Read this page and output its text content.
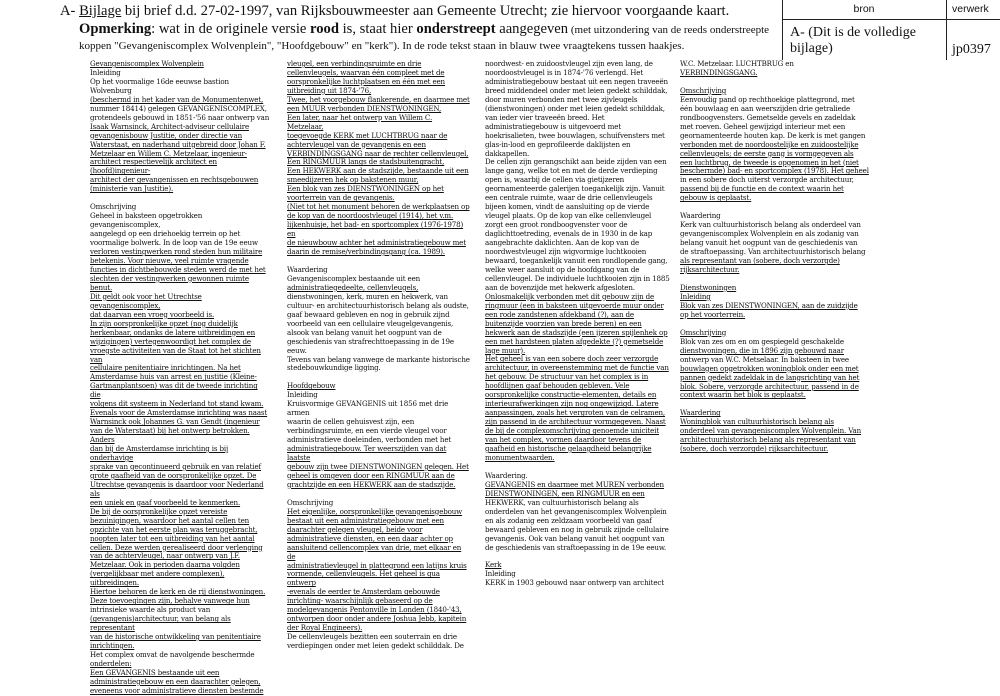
A- Bijlage bij brief d.d. 27-02-1997, van Rijksbouwmeester aan Gemeente Utrecht; zie hiervoor voorgaande kaart.
Opmerking: wat in de originele versie rood is, staat hier onderstreept aangegeven (met uitzondering van de reeds onderstreepte
koppen "Gevangeniscomplex Wolvenplein", "Hoofdgebouw" en "kerk"). In de rode tekst staan in blauw twee vraagtekens tussen haakjes.
bron	verwerk
A- (Dit is de volledige bijlage)	jp0397

Gevangeniscomplex Wolvenplein

Inleiding

Op het voormalige 16de eeuwse bastion Wolvenburg

(beschermd in het kader van de Monumentenwet,

nummer 18414) gelegen GEVANGENISCOMPLEX,

grotendeels gebouwd in 1851-'56 naar ontwerp van

Isaak Warnsinck, Architect-adviseur cellulaire

gevangenisbouw Justitie, onder directie van

Waterstaat, en naderhand uitgebreid door Johan F.

Metzelaar en Willem C. Metzelaar, ingenieur-

architect respectievelijk architect en (hoofd)ingenieur-

architect der gevangenissen en rechtsgebouwen

(ministerie van Justitie).

Omschrijving

Geheel in baksteen opgetrokken gevangeniscomplex,

aangelegd op een driehoekig terrein op het

voormalige bolwerk. In de loop van de 19e eeuw

verloren vestingwerken rond steden hun militaire

betekenis. Voor nieuwe, veel ruimte vragende

functies in dichtbebouwde steden werd de met het

slechten der vestingwerken gewonnen ruimte benut.

Dit geldt ook voor het Utrechtse gevangeniscomplex,

dat daarvan een vroeg voorbeeld is.

In zijn oorspronkelijke opzet (nog duidelijk

herkenbaar, ondanks de latere uitbreidingen en

wijzigingen) vertegenwoordigt het complex de

vroegste activiteiten van de Staat tot het stichten van

cellulaire penitentiaire inrichtingen. Na het

Amsterdamse huis van arrest en justitie (Kleine-

Gartmanplantsoen) was dit de tweede inrichting die

volgens dit systeem in Nederland tot stand kwam.

Evenals voor de Amsterdamse inrichting was naast

Warnsinck ook Johannes G. van Gendt (ingenieur

van de Waterstaat) bij het ontwerp betrokken. Anders

dan bij de Amsterdamse inrichting is bij onderhavige

sprake van gecontinueerd gebruik en van relatief

grote gaafheid van de oorspronkelijke opzet. De

Utrechtse gevangenis is daardoor voor Nederland als

een uniek en gaaf voorbeeld te kenmerken.

De bij de oorspronkelijke opzet vereiste

bezuinigingen, waardoor het aantal cellen ten

opzichte van het eerste plan was teruggebracht,

noopten later tot een uitbreiding van het aantal

cellen. Deze werden gerealiseerd door verlenging

van de achtervleugel, naar ontwerp van J.F.

Metzelaar. Ook in perioden daarna volgden

(vergelijkbaar met andere complexen), uitbreidingen.

Hiertoe behoren de kerk en de rij dienstwoningen.

Deze toevoegingen zijn, behalve vanwege hun

intrinsieke waarde als product van

(gevangenis)architectuur, van belang als representant

van de historische ontwikkeling van penitentiaire

inrichtingen.

Het complex omvat de navolgende beschermde

onderdelen:

Een GEVANGENIS bestaande uit een

administratiegebouw en een daarachter gelegen,

eveneens voor administratieve diensten bestemde

vleugel, een verbindingsruimte en drie

cellenvleugels, waarvan één compleet met de

oorspronkelijke luchtplaatsen en één met een

uitbreiding uit 1874-'76,

Twee, het voorgebouw flankerende, en daarmee met

een MUUR verbonden DIENSTWONINGEN,

Een later, naar het ontwerp van Willem C. Metzelaar,

toegevoegde KERK met LUCHTBRUG naar de

achtervleugel van de gevangenis en een

VERBINDINGSGANG naar de rechter cellenvleugel,

Een RINGMUUR langs de stadsbuitengracht,

Een HEKWERK aan de stadszijde, bestaande uit een

smeedijzeren hek op bakstenen muur,

Een blok van zes DIENSTWONINGEN op het

voorterrein van de gevangenis.

(Niet tot het monument behoren de werkplaatsen op

de kop van de noordoostvleugel (1914), het v.m.

lijkenhuisje, het bad- en sportcomplex (1976-1978) en

de nieuwbouw achter het administratiegebouw met

daarin de remise/verbindingsgang (ca. 1989).

Waardering

Gevangeniscomplex bestaande uit een

administratiegedeelte, cellenvleugels,

dienstwoningen, kerk, muren en hekwerk, van

cultuur- en architectuurhistorisch belang als oudste,

gaaf bewaard gebleven en nog in gebruik zijnd

voorbeeld van een cellulaire vleugelgevangenis,

alsook van belang vanuit het oogpunt van de

geschiedenis van strafrechttoepassing in de 19e eeuw.

Tevens van belang vanwege de markante historische

stedebouwkundige ligging.

Hoofdgebouw

Inleiding

Kruisvormige GEVANGENIS uit 1856 met drie armen

waarin de cellen gehuisvest zijn, een

verbindingsruimte, en een vierde vleugel voor

administratieve doeleinden, verbonden met het

administratiegebouw. Ter weerszijden van dat laatste

gebouw zijn twee DIENSTWONINGEN gelegen. Het

geheel is omgeven door een RINGMUUR aan de

grachtzijde en een HEKWERK aan de stadszijde.

Omschrijving

Het eigenlijke, oorspronkelijke gevangenisgebouw

bestaat uit een administratiegebouw met een

daarachter gelegen vleugel, beide voor

administratieve diensten, en een daar achter op

aansluitend cellencomplex van drie, met elkaar en de

administratievleugel in plattegrond een latijns kruis

vormende, cellenvleugels. Het geheel is qua ontwerp

-evenals de eerder te Amsterdam gebouwde

inrichting- waarschijnlijk gebaseerd op de

modelgevangenis Pentonville in Londen (1840-'43,

ontworpen door onder andere Joshua Jebb, kapitein

der Royal Engineers).

De cellenvleugels bezitten een souterrain en drie

verdiepingen onder met leien gedekt schilddak. De

noordwest- en zuidoostvleugel zijn even lang, de

noordoostvleugel is in 1874-'76 verlengd. Het

administratiegebouw bestaat uit een negen traveeën

breed middendeel onder met leien gedekt schilddak,

door muren verbonden met twee zijvleugels

(dienstwoningen) onder met leien gedekt schilddak,

van ieder vier traveeën breed. Het

administratiegebouw is uitgevoerd met

hoekrisalieten, twee bouwlagen, schuifvensters met

glas-in-lood en geprofileerde daklijsten en

dakkapellen.

De cellen zijn gerangschikt aan beide zijden van een

lange gang, welke tot en met de derde verdieping

open is, waarbij de cellen via gietijzeren

geornamenteerde galerijen toegankelijk zijn. Vanuit

een centrale ruimte, waar de drie cellenvleugels

bijeen komen, vindt de aansluiting op de vierde

vleugel plaats. Op de kop van elke cellenvleugel

zorgt een groot rondboogvenster voor de

daglichttoetreding, evenals de in 1930 in de kap

aangebrachte daklichten. Aan de kop van de

noordwestvleugel zijn wigvormige luchtkooien

bewaard, toegankelijk vanuit een rondlopende gang,

welke weer aansluit op de hoofdgang van de

cellenvleugel. De individuele luchtkooien zijn in 1885

aan de bovenzijde met hekwerk afgesloten.

Onlosmakelijk verbonden met dit gebouw zijn de

ringmuur (een in baksteen uitgevoerde muur onder

een rode zandstenen afdekband (?), aan de

buitenzijde voorzien van brede beren) en een

hekwerk aan de stadszijde (een ijzeren spijlenhek op

een met hardsteen platen afgedekte (?) gemetselde

lage muur).

Het geheel is van een sobere doch zeer verzorgde

architectuur, in overeenstemming met de functie van

het gebouw. De structuur van het complex is in

hoofdlijnen gaaf behouden gebleven. Vele

oorspronkelijke constructie-elementen, details en

interieurafwerkingen zijn nog ongewijzigd. Latere

aanpassingen, zoals het vergroten van de celramen,

zijn passend in de architectuur vormgegeven. Naast

de bij de complexomschrijving genoemde uniciteit

van het complex, vormen daardoor tevens de

gaafheid en historische gelaagdheid belangrijke

monumentwaarden.

Waardering.

GEVANGENIS en daarmee met MUREN verbonden

DIENSTWONINGEN, een RINGMUUR en een

HEKWERK, van cultuurhistorisch belang als

onderdelen van het gevangeniscomplex Wolvenplein

en als zodanig een zeldzaam voorbeeld van gaaf

bewaard gebleven en nog in gebruik zijnde cellulaire

gevangenis. Ook van belang vanuit het oogpunt van

de geschiedenis van straftoepassing in de 19e eeuw.

Kerk

Inleiding

KERK in 1903 gebouwd naar ontwerp van architect

W.C. Metzelaar. LUCHTBRUG en

VERBINDINGSGANG.

Omschrijving

Eenvoudig pand op rechthoekige plattegrond, met

één bouwlaag en aan weerszijden drie getraliede

rondboogvensters. Gemetselde gevels en zadeldak

met roeven. Geheel gewijzigd interieur met een

geornamenteerde houten kap. De kerk is met gangen

verbonden met de noordoostelijke en zuidoostelijke

cellenvleugels; de eerste gang is vormgegeven als

een luchtbrug, de tweede is opgenomen in het (niet

beschermde) bad- en sportcomplex (1978). Het geheel

in een sobere doch uiterst verzorgde architectuur,

passend bij de functie en de context waarin het

gebouw is geplaatst.

Waardering

Kerk van cultuurhistorisch belang als onderdeel van

gevangeniscomplex Wolvenplein en als zodanig van

belang vanuit het oogpunt van de geschiedenis van

de straftoepassing. Van architectuurhistorisch belang

als representant van (sobere, doch verzorgde)

rijksarchitectuur.

Dienstwoningen

Inleiding

Blok van zes DIENSTWONINGEN, aan de zuidzijde

op het voorterrein.

Omschrijving

Blok van zes om en om gespiegeld geschakelde

dienstwoningen, die in 1896 zijn gebouwd naar

ontwerp van W.C. Metselaar. In baksteen in twee

bouwlagen opgetrokken woningblok onder een met

pannen gedekt zadeldak in de langsrichting van het

blok. Sobere, verzorgde architectuur, passend in de

context waarin het blok is geplaatst.

Waardering

Woningblok van cultuurhistorisch belang als

onderdeel van gevangeniscomplex Wolvenplein. Van

architectuurhistorisch belang als representant van

(sobere, doch verzorgde) rijksarchitectuur.
